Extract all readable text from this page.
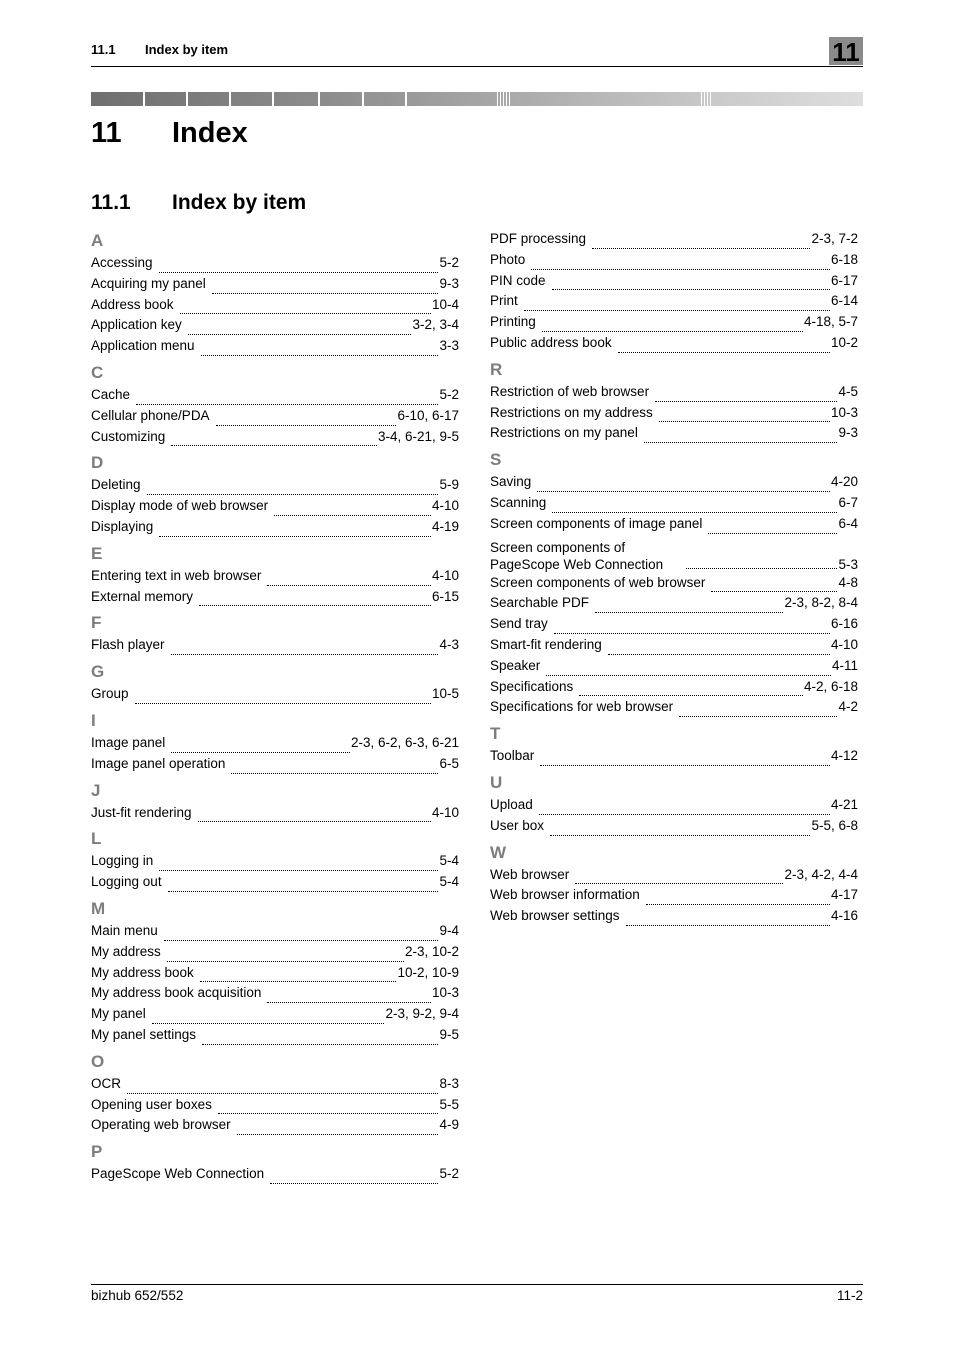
11.1 Index by item	11
11 Index
11.1 Index by item
A
Accessing	5-2
Acquiring my panel	9-3
Address book	10-4
Application key	3-2, 3-4
Application menu	3-3
C
Cache	5-2
Cellular phone/PDA	6-10, 6-17
Customizing	3-4, 6-21, 9-5
D
Deleting	5-9
Display mode of web browser	4-10
Displaying	4-19
E
Entering text in web browser	4-10
External memory	6-15
F
Flash player	4-3
G
Group	10-5
I
Image panel	2-3, 6-2, 6-3, 6-21
Image panel operation	6-5
J
Just-fit rendering	4-10
L
Logging in	5-4
Logging out	5-4
M
Main menu	9-4
My address	2-3, 10-2
My address book	10-2, 10-9
My address book acquisition	10-3
My panel	2-3, 9-2, 9-4
My panel settings	9-5
O
OCR	8-3
Opening user boxes	5-5
Operating web browser	4-9
P
PageScope Web Connection	5-2
PDF processing	2-3, 7-2
Photo	6-18
PIN code	6-17
Print	6-14
Printing	4-18, 5-7
Public address book	10-2
R
Restriction of web browser	4-5
Restrictions on my address	10-3
Restrictions on my panel	9-3
S
Saving	4-20
Scanning	6-7
Screen components of image panel	6-4
Screen components of PageScope Web Connection	5-3
Screen components of web browser	4-8
Searchable PDF	2-3, 8-2, 8-4
Send tray	6-16
Smart-fit rendering	4-10
Speaker	4-11
Specifications	4-2, 6-18
Specifications for web browser	4-2
T
Toolbar	4-12
U
Upload	4-21
User box	5-5, 6-8
W
Web browser	2-3, 4-2, 4-4
Web browser information	4-17
Web browser settings	4-16
bizhub 652/552	11-2
